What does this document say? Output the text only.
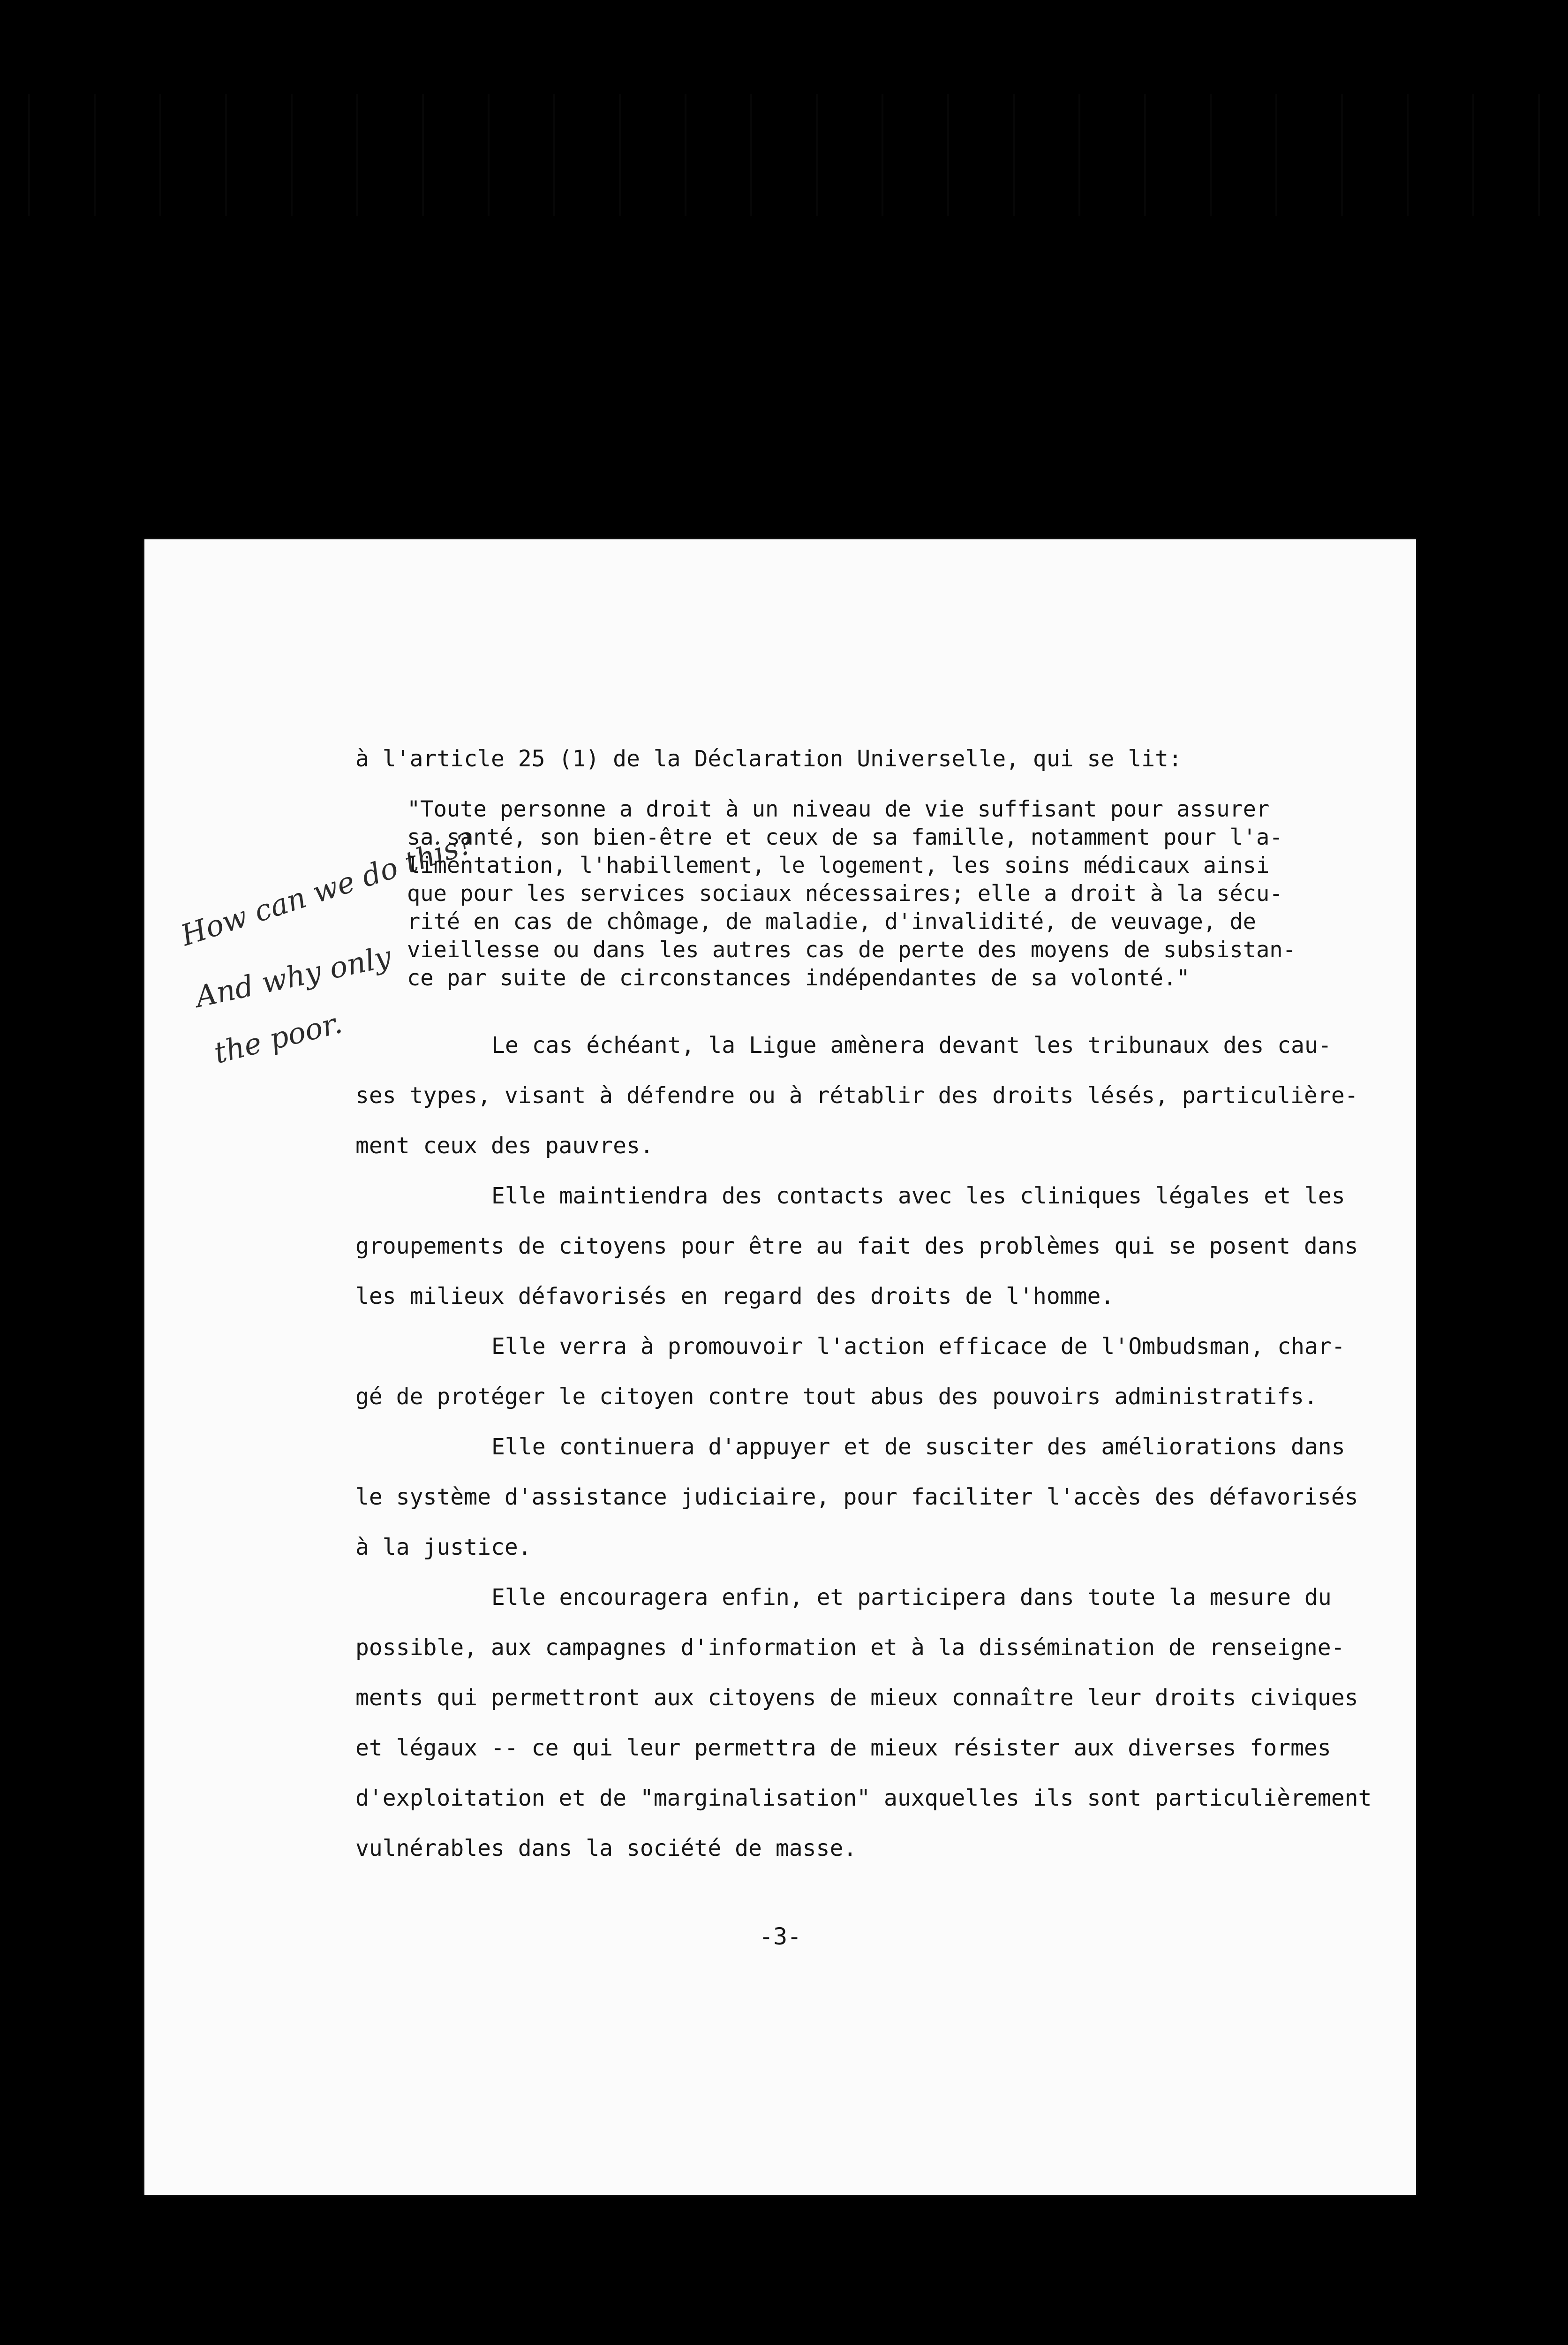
How can we do this?
And why only
the poor.
à l'article 25 (1) de la Déclaration Universelle, qui se lit:
"Toute personne a droit à un niveau de vie suffisant pour assurer
sa santé, son bien-être et ceux de sa famille, notamment pour l'a-
limentation, l'habillement, le logement, les soins médicaux ainsi
que pour les services sociaux nécessaires; elle a droit à la sécu-
rité en cas de chômage, de maladie, d'invalidité, de veuvage, de
vieillesse ou dans les autres cas de perte des moyens de subsistan-
ce par suite de circonstances indépendantes de sa volonté."
Le cas échéant, la Ligue amènera devant les tribunaux des cau-
ses types, visant à défendre ou à rétablir des droits lésés, particulière-
ment ceux des pauvres.
Elle maintiendra des contacts avec les cliniques légales et les
groupements de citoyens pour être au fait des problèmes qui se posent dans
les milieux défavorisés en regard des droits de l'homme.
Elle verra à promouvoir l'action efficace de l'Ombudsman, char-
gé de protéger le citoyen contre tout abus des pouvoirs administratifs.
Elle continuera d'appuyer et de susciter des améliorations dans
le système d'assistance judiciaire, pour faciliter l'accès des défavorisés
à la justice.
Elle encouragera enfin, et participera dans toute la mesure du
possible, aux campagnes d'information et à la dissémination de renseigne-
ments qui permettront aux citoyens de mieux connaître leur droits civiques
et légaux -- ce qui leur permettra de mieux résister aux diverses formes
d'exploitation et de "marginalisation" auxquelles ils sont particulièrement
vulnérables dans la société de masse.
-3-
